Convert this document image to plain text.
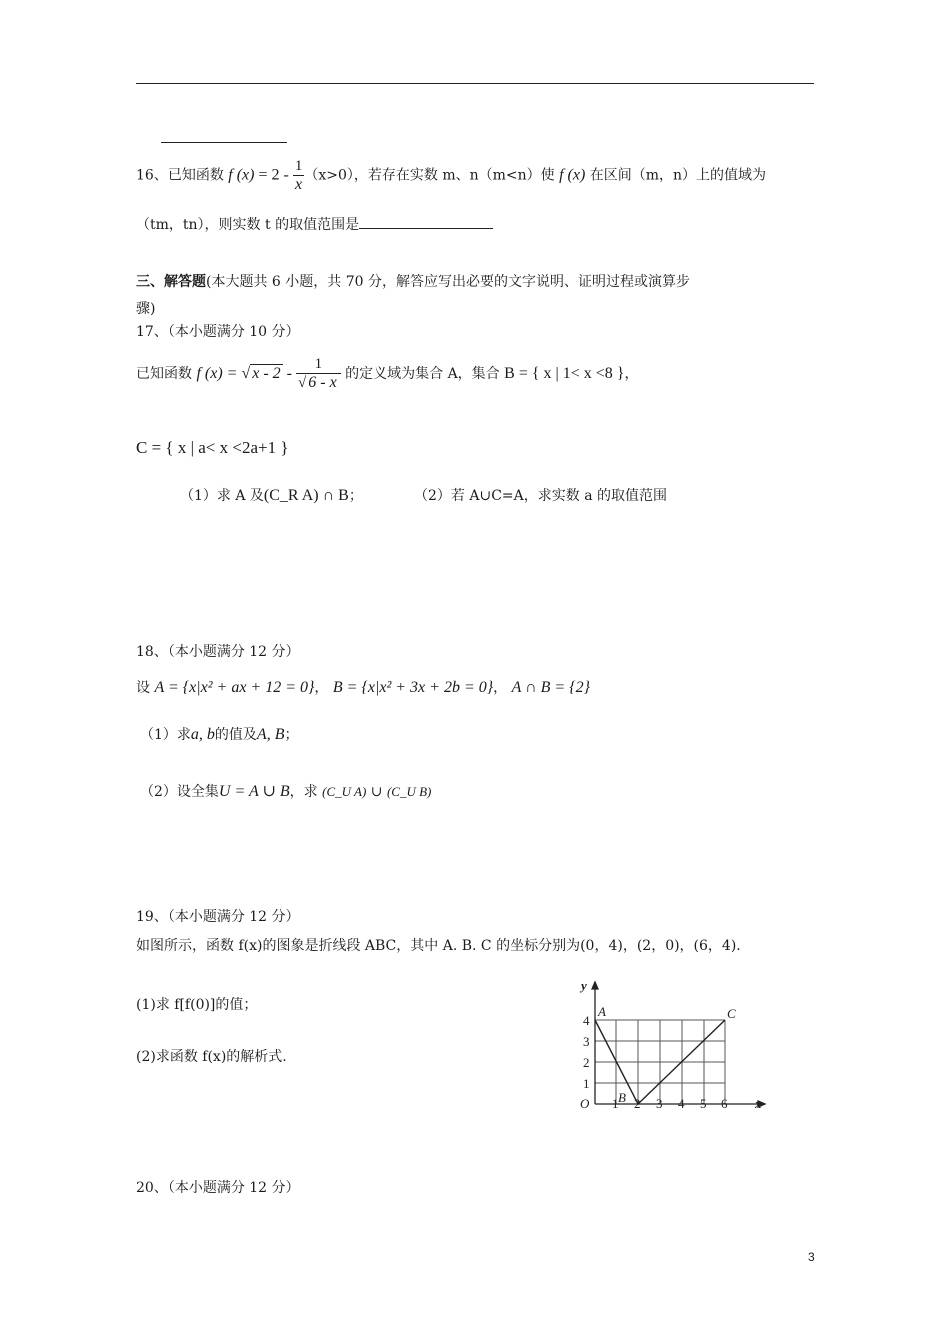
16、已知函数 f $(x) = 2 - \frac{1}{x} (x>0)$，若存在实数 m、n（m<n）使 f (x) 在区间（m，n）上的值域为
（tm，tn），则实数 t 的取值范围是
三、解答题(本大题共 6 小题，共 70 分，解答应写出必要的文字说明、证明过程或演算步
骤)
17、（本小题满分 10 分）
已知函数 f (x) = √ x - $2 - \frac{1}{√ 6 - x}$ 的定义域为集合 A，集合 B = { x | 1< x <8 }，
C = { x | a< x <2a+1 }
（1）求 A 及(C_R A) ∩ B；	（2）若 A∪C=A，求实数 a 的取值范围
18、（本小题满分 12 分）
设 A = {x|x² + ax + 12 = 0}， B = {x|x² + 3x + 2b = 0}， A ∩ B = {2}
（1）求a, b的值及A, B；
（2）设全集U = A ∪ B，求 (C_U A) ∪ (C_U B)
19、（本小题满分 12 分）
如图所示，函数 f(x)的图象是折线段 ABC，其中 A. B. C 的坐标分别为(0，4)，(2，0)，(6，4).
(1)求 f[f(0)]的值；
(2)求函数 f(x)的解析式.
y
x
O 1 2 3 4 5 6
1
2
3
4
A
B
C
20、（本小题满分 12 分）
3
